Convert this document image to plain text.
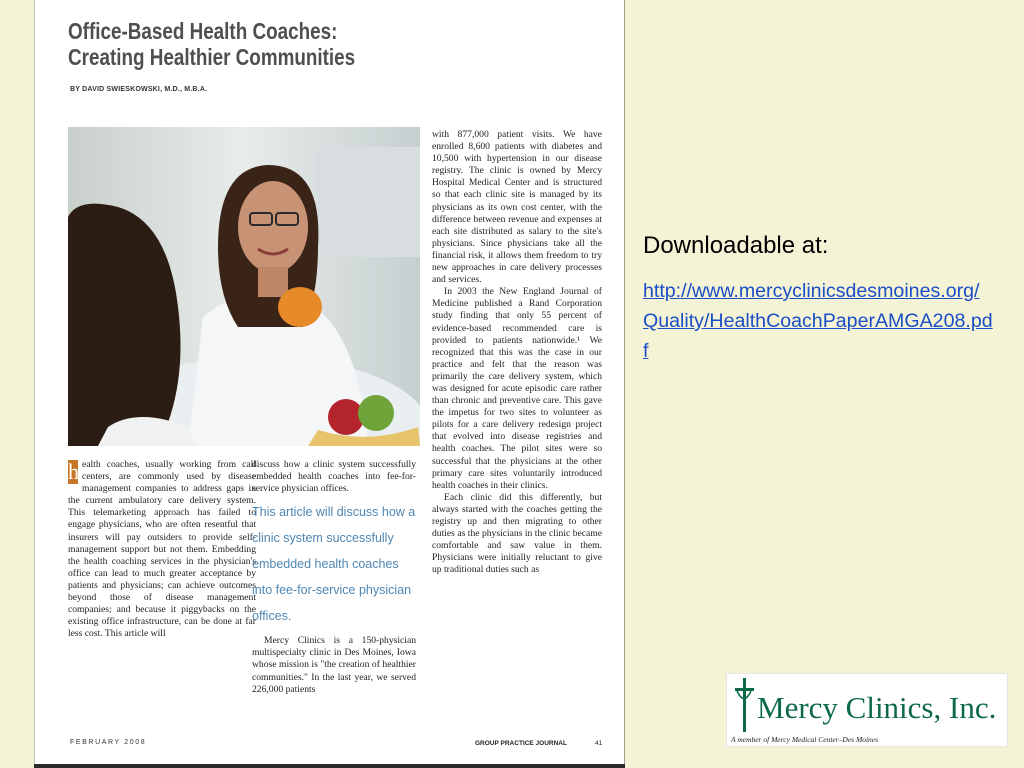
Office-Based Health Coaches:
Creating Healthier Communities
BY DAVID SWIESKOWSKI, M.D., M.B.A.

h ealth coaches, usually working from call centers, are commonly used by disease management companies to address gaps in the current ambulatory care delivery system. This telemarketing approach has failed to engage physicians, who are often resentful that insurers will pay outsiders to provide self-management support but not them. Embedding the health coaching services in the physician's office can lead to much greater acceptance by patients and physicians; can achieve outcomes beyond those of disease management companies; and because it piggybacks on the existing office infrastructure, can be done at far less cost. This article will

discuss how a clinic system successfully embedded health coaches into fee-for-service physician offices.

This article will discuss how a clinic system successfully embedded health coaches into fee-for-service physician offices.

Mercy Clinics is a 150-physician multispecialty clinic in Des Moines, Iowa whose mission is "the creation of healthier communities." In the last year, we served 226,000 patients

with 877,000 patient visits. We have enrolled 8,600 patients with diabetes and 10,500 with hypertension in our disease registry. The clinic is owned by Mercy Hospital Medical Center and is structured so that each clinic site is managed by its physicians as its own cost center, with the difference between revenue and expenses at each site distributed as salary to the site's physicians. Since physicians take all the financial risk, it allows them freedom to try new approaches in care delivery processes and services.

In 2003 the New England Journal of Medicine published a Rand Corporation study finding that only 55 percent of evidence-based recommended care is provided to patients nationwide.¹ We recognized that this was the case in our practice and felt that the reason was primarily the care delivery system, which was designed for acute episodic care rather than chronic and preventive care. This gave the impetus for two sites to volunteer as pilots for a care delivery redesign project that evolved into disease registries and health coaches. The pilot sites were so successful that the physicians at the other primary care sites voluntarily introduced health coaches in their clinics.

Each clinic did this differently, but always started with the coaches getting the registry up and then migrating to other duties as the physicians in the clinic became comfortable and saw value in them. Physicians were initially reluctant to give up traditional duties such as

FEBRUARY 2008	GROUP PRACTICE JOURNAL	41
Downloadable at:
http://www.mercyclinicsdesmoines.org/Quality/HealthCoachPaperAMGA208.pdf
Mercy Clinics, Inc.
A member of Mercy Medical Center–Des Moines
